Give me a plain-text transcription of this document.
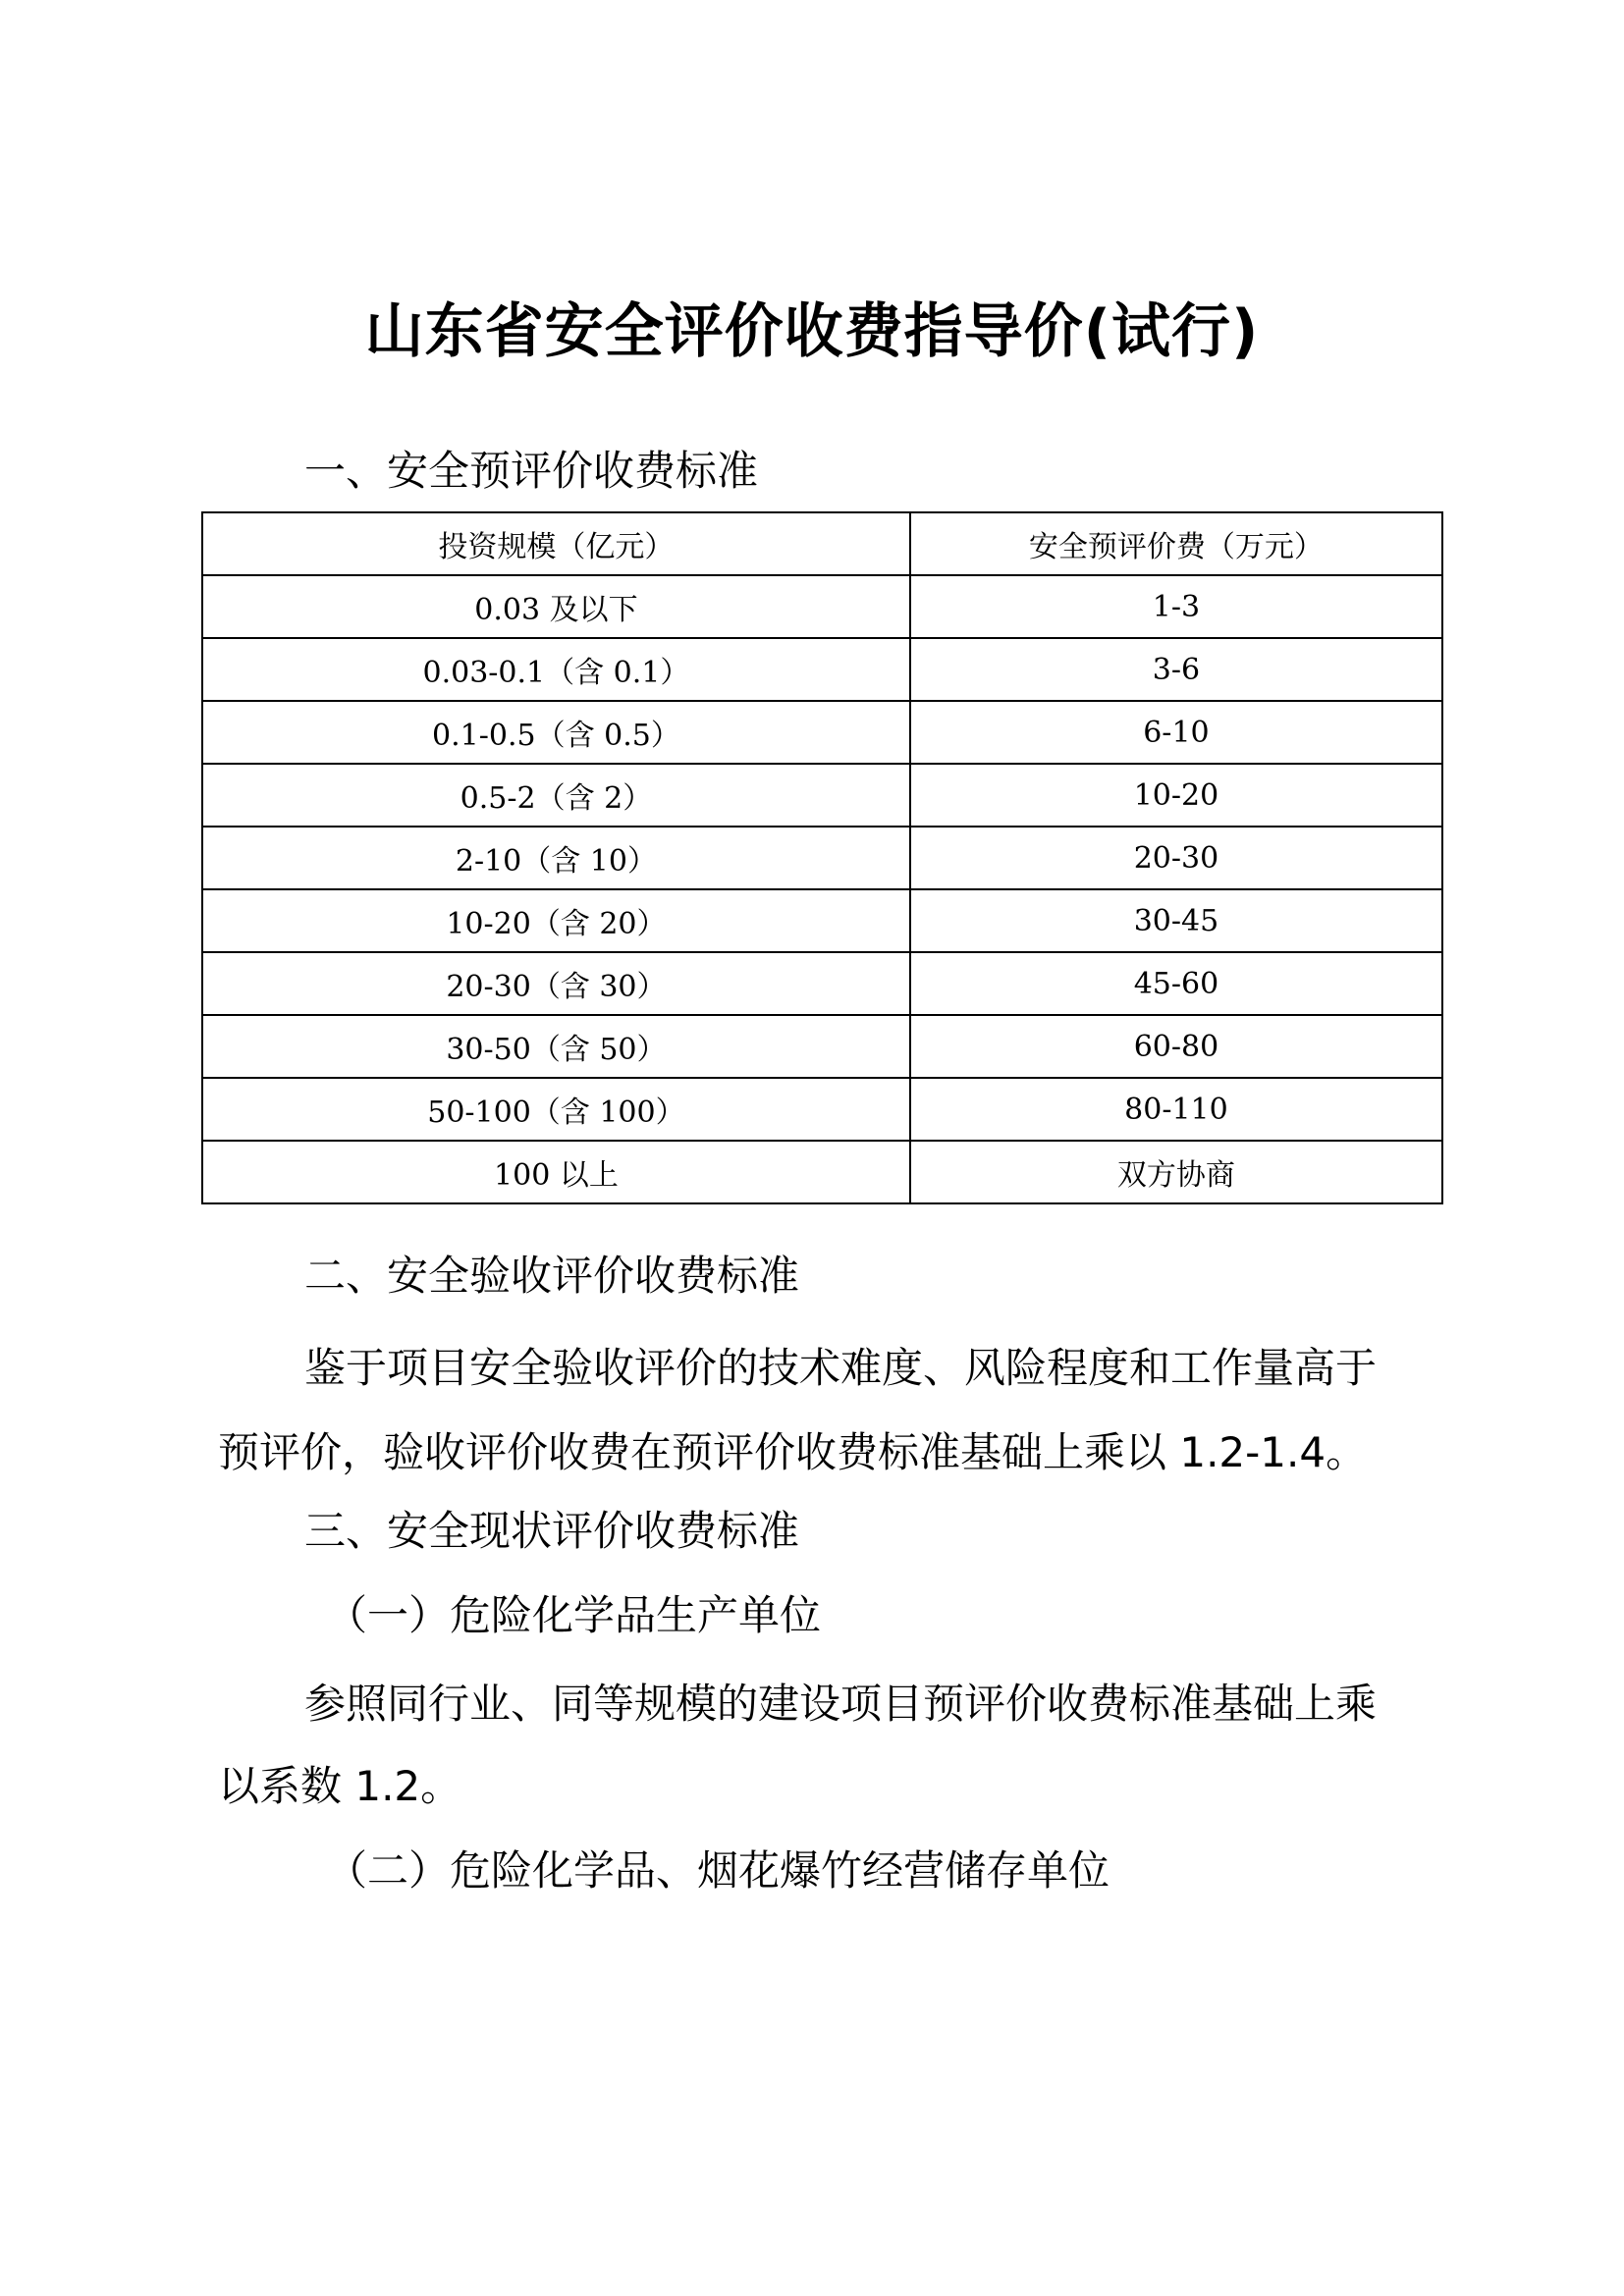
山东省安全评价收费指导价(试行)
一、安全预评价收费标准
投资规模（亿元）	安全预评价费（万元）
0.03 及以下	1-3
0.03-0.1（含 0.1）	3-6
0.1-0.5（含 0.5）	6-10
0.5-2（含 2）	10-20
2-10（含 10）	20-30
10-20（含 20）	30-45
20-30（含 30）	45-60
30-50（含 50）	60-80
50-100（含 100）	80-110
100 以上	双方协商
二、安全验收评价收费标准
鉴于项目安全验收评价的技术难度、风险程度和工作量高于
预评价，验收评价收费在预评价收费标准基础上乘以 1.2-1.4。
三、安全现状评价收费标准
（一）危险化学品生产单位
参照同行业、同等规模的建设项目预评价收费标准基础上乘
以系数 1.2。
（二）危险化学品、烟花爆竹经营储存单位
